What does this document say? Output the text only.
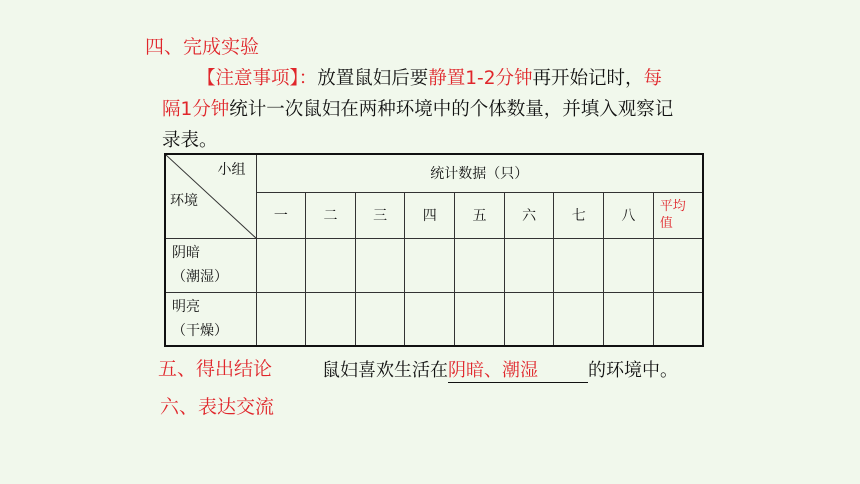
四、完成实验
【注意事项】：放置鼠妇后要静置1-2分钟再开始记时，每
隔1分钟统计一次鼠妇在两种环境中的个体数量，并填入观察记
录表。
小组
环境	统计数据（只）								
	一	二	三	四	五	六	七	八	平均值

阴暗
（潮湿）									

明亮
（干燥）									

五、得出结论	鼠妇喜欢生活在阴暗、潮湿	的环境中。
六、表达交流
